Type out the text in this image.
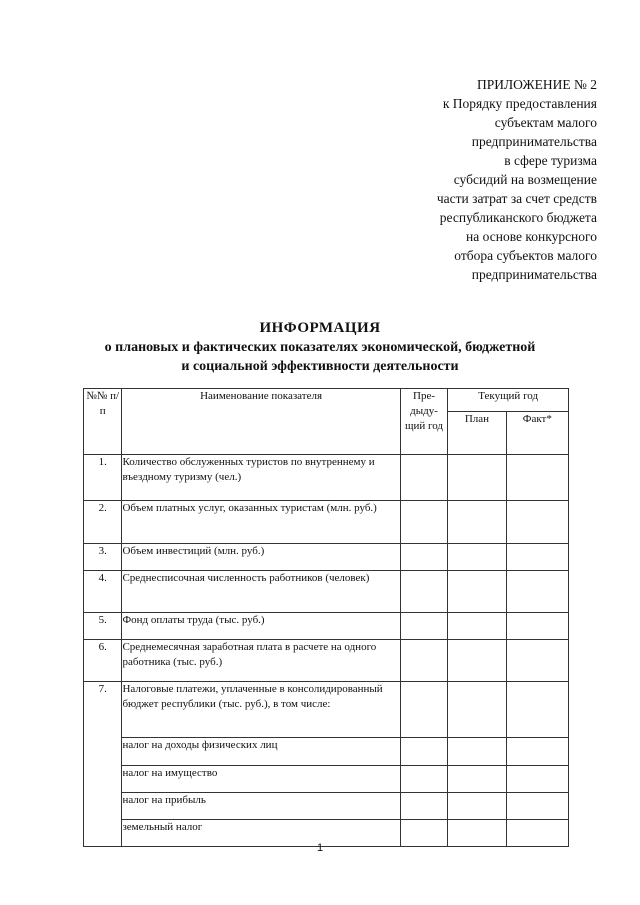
ПРИЛОЖЕНИЕ № 2
к Порядку предоставления
субъектам малого
предпринимательства
в сфере туризма
субсидий на возмещение
части затрат за счет средств
республиканского бюджета
на основе конкурсного
отбора субъектов малого
предпринимательства
ИНФОРМАЦИЯ
о плановых и фактических показателях экономической, бюджетной
и социальной эффективности деятельности
№№ п/п	Наименование показателя	Пре-дыду-щий год	Текущий год	
			План	Факт*
1.	Количество обслуженных туристов по внутреннему и въездному туризму (чел.)			
2.	Объем платных услуг, оказанных туристам (млн. руб.)			
3.	Объем инвестиций (млн. руб.)			
4.	Среднесписочная численность работников (человек)			
5.	Фонд оплаты труда (тыс. руб.)			
6.	Среднемесячная заработная плата в расчете на одного работника (тыс. руб.)			
7.	Налоговые платежи, уплаченные в консолидированный бюджет республики (тыс. руб.), в том числе:			
	налог на доходы физических лиц			
	налог на имущество			
	налог на прибыль			
	земельный налог			
1
